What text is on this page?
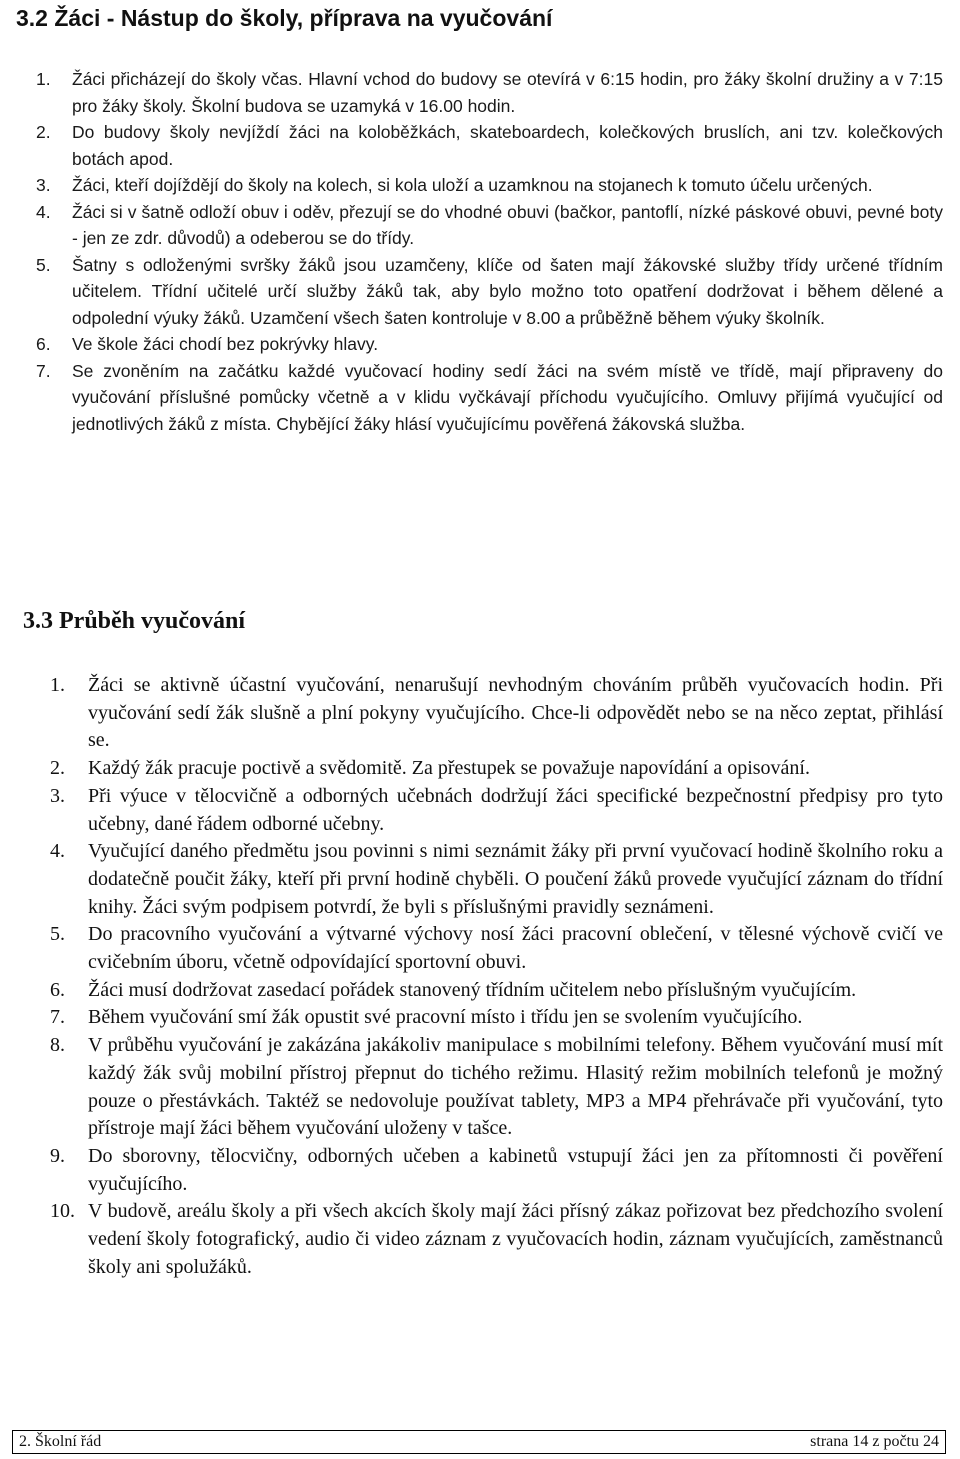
3.2 Žáci - Nástup do školy, příprava na vyučování
1. Žáci přicházejí do školy včas. Hlavní vchod do budovy se otevírá v 6:15 hodin, pro žáky školní družiny a v 7:15 pro žáky školy. Školní budova se uzamyká v 16.00 hodin.
2. Do budovy školy nevjíždí žáci na koloběžkách, skateboardech, kolečkových bruslích, ani tzv. kolečkových botách apod.
3. Žáci, kteří dojíždějí do školy na kolech, si kola uloží a uzamknou na stojanech k tomuto účelu určených.
4. Žáci si v šatně odloží obuv i oděv, přezují se do vhodné obuvi (bačkor, pantoflí, nízké páskové obuvi, pevné boty - jen ze zdr. důvodů) a odeberou se do třídy.
5. Šatny s odloženými svršky žáků jsou uzamčeny, klíče od šaten mají žákovské služby třídy určené třídním učitelem. Třídní učitelé určí služby žáků tak, aby bylo možno toto opatření dodržovat i během dělené a odpolední výuky žáků. Uzamčení všech šaten kontroluje v 8.00 a průběžně během výuky školník.
6. Ve škole žáci chodí bez pokrývky hlavy.
7. Se zvoněním na začátku každé vyučovací hodiny sedí žáci na svém místě ve třídě, mají připraveny do vyučování příslušné pomůcky včetně a v klidu vyčkávají příchodu vyučujícího. Omluvy přijímá vyučující od jednotlivých žáků z místa. Chybějící žáky hlásí vyučujícímu pověřená žákovská služba.
3.3 Průběh vyučování
1. Žáci se aktivně účastní vyučování, nenarušují nevhodným chováním průběh vyučovacích hodin. Při vyučování sedí žák slušně a plní pokyny vyučujícího. Chce-li odpovědět nebo se na něco zeptat, přihlásí se.
2. Každý žák pracuje poctivě a svědomitě. Za přestupek se považuje napovídání a opisování.
3. Při výuce v tělocvičně a odborných učebnách dodržují žáci specifické bezpečnostní předpisy pro tyto učebny, dané řádem odborné učebny.
4. Vyučující daného předmětu jsou povinni s nimi seznámit žáky při první vyučovací hodině školního roku a dodatečně poučit žáky, kteří při první hodině chyběli. O poučení žáků provede vyučující záznam do třídní knihy. Žáci svým podpisem potvrdí, že byli s příslušnými pravidly seznámeni.
5. Do pracovního vyučování a výtvarné výchovy nosí žáci pracovní oblečení, v tělesné výchově cvičí ve cvičebním úboru, včetně odpovídající sportovní obuvi.
6. Žáci musí dodržovat zasedací pořádek stanovený třídním učitelem nebo příslušným vyučujícím.
7. Během vyučování smí žák opustit své pracovní místo i třídu jen se svolením vyučujícího.
8. V průběhu vyučování je zakázána jakákoliv manipulace s mobilními telefony. Během vyučování musí mít každý žák svůj mobilní přístroj přepnut do tichého režimu. Hlasitý režim mobilních telefonů je možný pouze o přestávkách. Taktéž se nedovoluje používat tablety, MP3 a MP4 přehrávače při vyučování, tyto přístroje mají žáci během vyučování uloženy v tašce.
9. Do sborovny, tělocvičny, odborných učeben a kabinetů vstupují žáci jen za přítomnosti či pověření vyučujícího.
10. V budově, areálu školy a při všech akcích školy mají žáci přísný zákaz pořizovat bez předchozího svolení vedení školy fotografický, audio či video záznam z vyučovacích hodin, záznam vyučujících, zaměstnanců školy ani spolužáků.
2. Školní řád	strana 14 z počtu 24
